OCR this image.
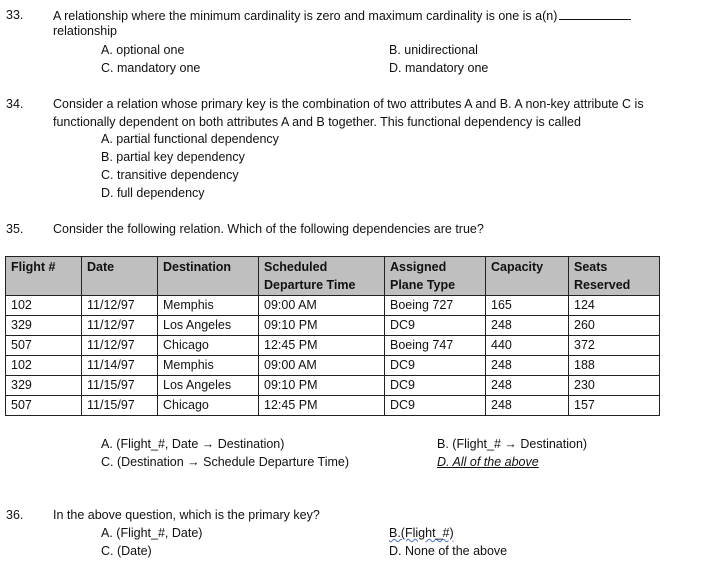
33. A relationship where the minimum cardinality is zero and maximum cardinality is one is a(n)
relationship
A. optional one	B. unidirectional
C. mandatory one	D. mandatory one
34. Consider a relation whose primary key is the combination of two attributes A and B. A non-key attribute C is
functionally dependent on both attributes A and B together. This functional dependency is called
A. partial functional dependency
B. partial key dependency
C. transitive dependency
D. full dependency
35. Consider the following relation. Which of the following dependencies are true?
Flight #	Date	Destination	Scheduled Departure Time	Assigned Plane Type	Capacity	Seats Reserved
102	11/12/97	Memphis	09:00 AM	Boeing 727	165	124
329	11/12/97	Los Angeles	09:10 PM	DC9	248	260
507	11/12/97	Chicago	12:45 PM	Boeing 747	440	372
102	11/14/97	Memphis	09:00 AM	DC9	248	188
329	11/15/97	Los Angeles	09:10 PM	DC9	248	230
507	11/15/97	Chicago	12:45 PM	DC9	248	157
A. (Flight_#, Date → Destination)	B. (Flight_# → Destination)
C. (Destination → Schedule Departure Time)	D. All of the above
36. In the above question, which is the primary key?
A. (Flight_#, Date)	B.(Flight_#)
C. (Date)	D. None of the above
